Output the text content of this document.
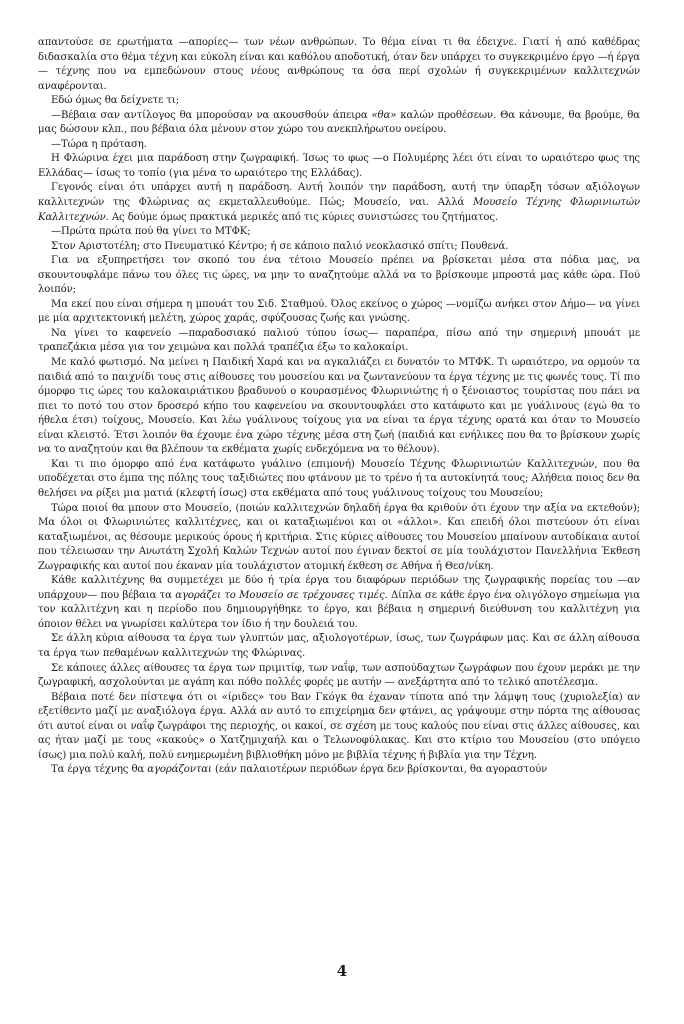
απαντούσε σε ερωτήματα —απορίες— των νέων ανθρώπων. Το θέμα είναι τι θα έδειχνε. Γιατί ή από καθέδρας διδασκαλία στο θέμα τέχνη και εύκολη είναι και καθόλου αποδοτική, όταν δεν υπάρχει το συγκεκριμένο έργο —ή έργα— τέχνης που να εμπεδώνουν στους νέους ανθρώπους τα όσα περί σχολών ή συγκεκριμένων καλλιτεχνών αναφέρονται.

Εδώ όμως θα δείχνετε τι;

—Βέβαια σαν αντίλογος θα μπορούσαν να ακουσθούν άπειρα «θα» καλών προθέσεων. Θα κάνουμε, θα βρούμε, θα μας δώσουν κλπ., που βέβαια όλα μένουν στον χώρο του ανεκπλήρωτου ονείρου.

—Τώρα η πρόταση.

Η Φλώρινα έχει μια παράδοση στην ζωγραφική. Ίσως το φως —ο Πολυμέρης λέει ότι είναι το ωραιότερο φως της Ελλάδας— ίσως το τοπίο (για μένα το ωραιότερο της Ελλάδας).

Γεγονός είναι ότι υπάρχει αυτή η παράδοση. Αυτή λοιπόν την παράδοση, αυτή την ύπαρξη τόσων αξιόλογων καλλιτεχνών της Φλώρινας ας εκμεταλλευθούμε. Πώς; Μουσείο, ναι. Αλλά Μουσείο Τέχνης Φλωρινιωτών Καλλιτεχνών. Ας δούμε όμως πρακτικά μερικές από τις κύριες συνιστώσες του ζητήματος.

—Πρώτα πρώτα πού θα γίνει το ΜΤΦΚ;

Στον Αριστοτέλη; στο Πνευματικό Κέντρο; ή σε κάποιο παλιό νεοκλασικό σπίτι; Πουθενά.

Για να εξυπηρετήσει τον σκοπό του ένα τέτοιο Μουσείο πρέπει να βρίσκεται μέσα στα πόδια μας, να σκουντουφλάμε πάνω του όλες τις ώρες, να μην το αναζητούμε αλλά να το βρίσκουμε μπροστά μας κάθε ώρα. Πού λοιπόν;

Μα εκεί που είναι σήμερα η μπουάτ του Σιδ. Σταθμού. Όλος εκείνος ο χώρος —νομίζω ανήκει στον Δήμο— να γίνει με μία αρχιτεκτονική μελέτη, χώρος χαράς, σφύζουσας ζωής και γνώσης.

Να γίνει το καφενείο —παραδοσιακό παλιού τύπου ίσως— παραπέρα, πίσω από την σημερινή μπουάτ με τραπεζάκια μέσα για τον χειμώνα και πολλά τραπέζια έξω το καλοκαίρι.

Με καλό φωτισμό. Να μείνει η Παιδική Χαρά και να αγκαλιάζει ει δυνατόν το ΜΤΦΚ. Τι ωραιότερο, να ορμούν τα παιδιά από το παιχνίδι τους στις αίθουσες του μουσείου και να ζωντανεύουν τα έργα τέχνης με τις φωνές τους. Τί πιο όμορφο τις ώρες του καλοκαιριάτικου βραδυνού ο κουρασμένος Φλωρινιώτης ή ο ξένοιαστος τουρίστας που πάει να πιει το ποτό του στον δροσερό κήπο του καφενείου να σκουντουφλάει στο κατάφωτο και με γυάλινους (εγώ θα το ήθελα έτσι) τοίχους, Μουσείο. Και λέω γυάλινους τοίχους για να είναι τα έργα τέχνης ορατά και όταν το Μουσείο είναι κλειστό. Έτσι λοιπόν θα έχουμε ένα χώρο τέχνης μέσα στη ζωή (παιδιά και ενήλικες που θα το βρίσκουν χωρίς να το αναζητούν και θα βλέπουν τα εκθέματα χωρίς ενδεχόμενα να το θέλουν).

Και τι πιο όμορφο από ένα κατάφωτο γυάλινο (επιμονή) Μουσείο Τέχνης Φλωρινιωτών Καλλιτεχνών, που θα υποδέχεται στο έμπα της πόλης τους ταξιδιώτες που φτάνουν με το τρένο ή τα αυτοκίνητά τους; Αλήθεια ποιος δεν θα θελήσει να ρίξει μια ματιά (κλεφτή ίσως) στα εκθέματα από τους γυάλινους τοίχους του Μουσείου;

Τώρα ποιοί θα μπουν στο Μουσείο, (ποιών καλλιτεχνών δηλαδή έργα θα κριθούν ότι έχουν την αξία να εκτεθούν); Μα όλοι οι Φλωρινιώτες καλλιτέχνες, και οι καταξιωμένοι και οι «άλλοι». Και επειδή όλοι πιστεύουν ότι είναι καταξιωμένοι, ας θέσουμε μερικούς όρους ή κριτήρια. Στις κύριες αίθουσες του Μουσείου μπαίνουν αυτοδίκαια αυτοί που τέλειωσαν την Ανωτάτη Σχολή Καλών Τεχνών αυτοί που έγιναν δεκτοί σε μία τουλάχιστον Πανελλήνια Έκθεση Ζωγραφικής και αυτοί που έκαναν μία τουλάχιστον ατομική έκθεση σε Αθήνα ή Θεσ/νίκη.

Κάθε καλλιτέχνης θα συμμετέχει με δύο ή τρία έργα του διαφόρων περιόδων της ζωγραφικής πορείας του —αν υπάρχουν— που βέβαια τα αγοράζει το Μουσείο σε τρέχουσες τιμές. Δίπλα σε κάθε έργο ένα ολιγόλογο σημείωμα για τον καλλιτέχνη και η περίοδο που δημιουργήθηκε το έργο, και βέβαια η σημερινή διεύθυνση του καλλιτέχνη για όποιον θέλει να γνωρίσει καλύτερα τον ίδιο ή την δουλειά του.

Σε άλλη κύρια αίθουσα τα έργα των γλυπτών μας, αξιολογοτέρων, ίσως, των ζωγράφων μας. Και σε άλλη αίθουσα τα έργα των πεθαμένων καλλιτεχνών της Φλώρινας.

Σε κάποιες άλλες αίθουσες τα έργα των πριμιτίφ, των ναΐφ, των ασπούδαχτων ζωγράφων που έχουν μεράκι με την ζωγραφική, ασχολούνται με αγάπη και πόθο πολλές φορές με αυτήν — ανεξάρτητα από το τελικό αποτέλεσμα.

Βέβαια ποτέ δεν πίστεψα ότι οι «ίριδες» του Βαν Γκόγκ θα έχαναν τίποτα από την λάμψη τους (χυριολεξία) αν εξετίθεντο μαζί με αναξιόλογα έργα. Αλλά αν αυτό το επιχείρημα δεν φτάνει, ας γράψουμε στην πόρτα της αίθουσας ότι αυτοί είναι οι ναΐφ ζωγράφοι της περιοχής, οι κακοί, σε σχέση με τους καλούς που είναι στις άλλες αίθουσες, και ας ήταν μαζί με τους «κακούς» ο Χατζημιχαήλ και ο Τελωνοφύλακας. Και στο κτίριο του Μουσείου (στο υπόγειο ίσως) μια πολύ καλή, πολύ ενημερωμένη βιβλιοθήκη μόνο με βιβλία τέχνης ή βιβλία για την Τέχνη.

Τα έργα τέχνης θα αγοράζονται (εάν παλαιοτέρων περιόδων έργα δεν βρίσκονται, θα αγοραστούν

4
